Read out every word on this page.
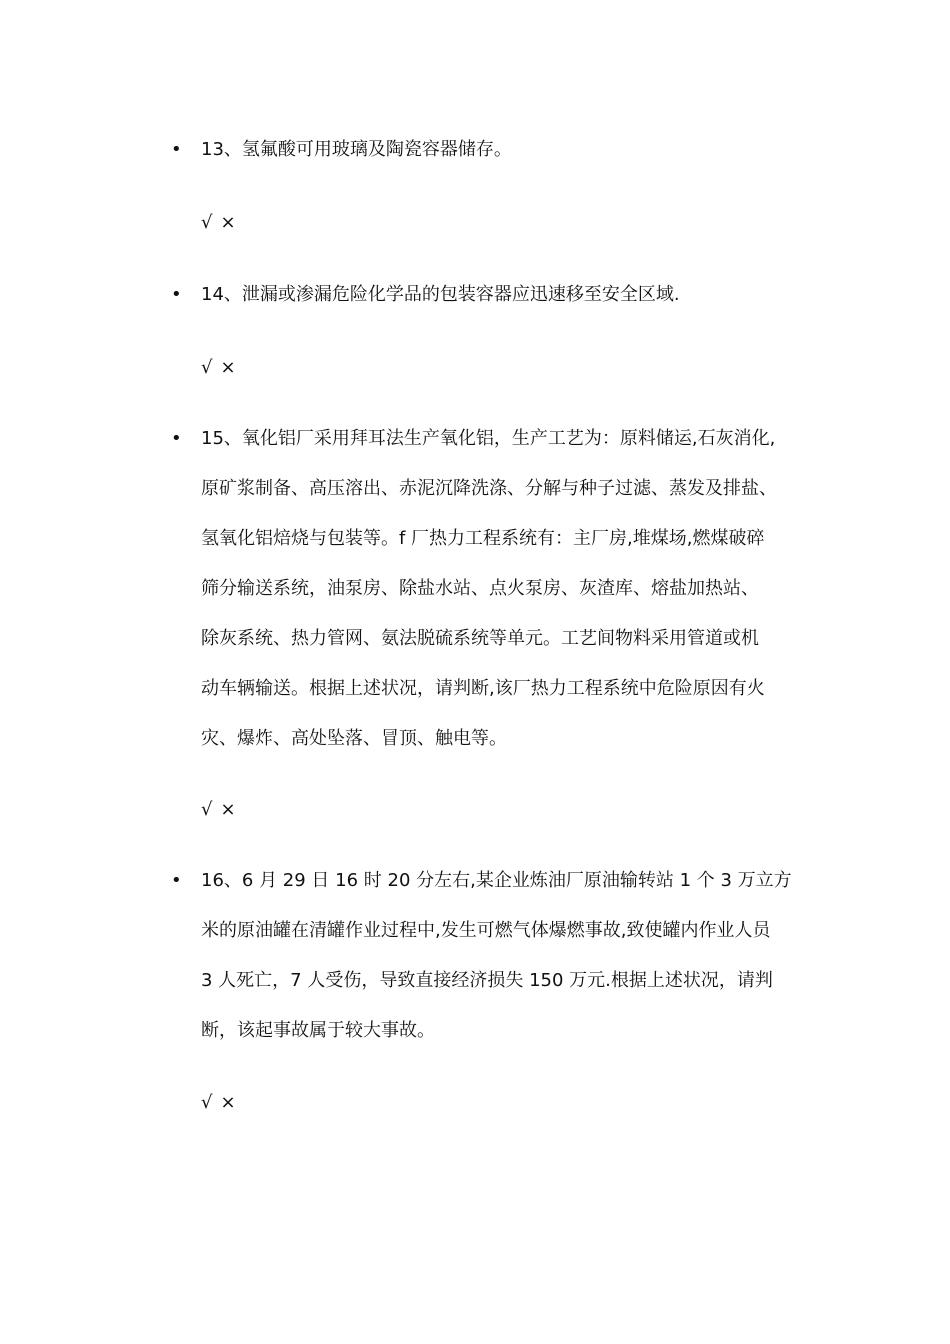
• 13、氢氟酸可用玻璃及陶瓷容器储存。
√ ×
• 14、泄漏或渗漏危险化学品的包装容器应迅速移至安全区域.
√ ×
• 15、氧化铝厂采用拜耳法生产氧化铝，生产工艺为：原料储运,石灰消化,
原矿浆制备、高压溶出、赤泥沉降洗涤、分解与种子过滤、蒸发及排盐、
氢氧化铝焙烧与包装等。f 厂热力工程系统有：主厂房,堆煤场,燃煤破碎
筛分输送系统，油泵房、除盐水站、点火泵房、灰渣库、熔盐加热站、
除灰系统、热力管网、氨法脱硫系统等单元。工艺间物料采用管道或机
动车辆输送。根据上述状况，请判断,该厂热力工程系统中危险原因有火
灾、爆炸、高处坠落、冒顶、触电等。
√ ×
• 16、6 月 29 日 16 时 20 分左右,某企业炼油厂原油输转站 1 个 3 万立方
米的原油罐在清罐作业过程中,发生可燃气体爆燃事故,致使罐内作业人员
3 人死亡，7 人受伤，导致直接经济损失 150 万元.根据上述状况，请判
断，该起事故属于较大事故。
√ ×
